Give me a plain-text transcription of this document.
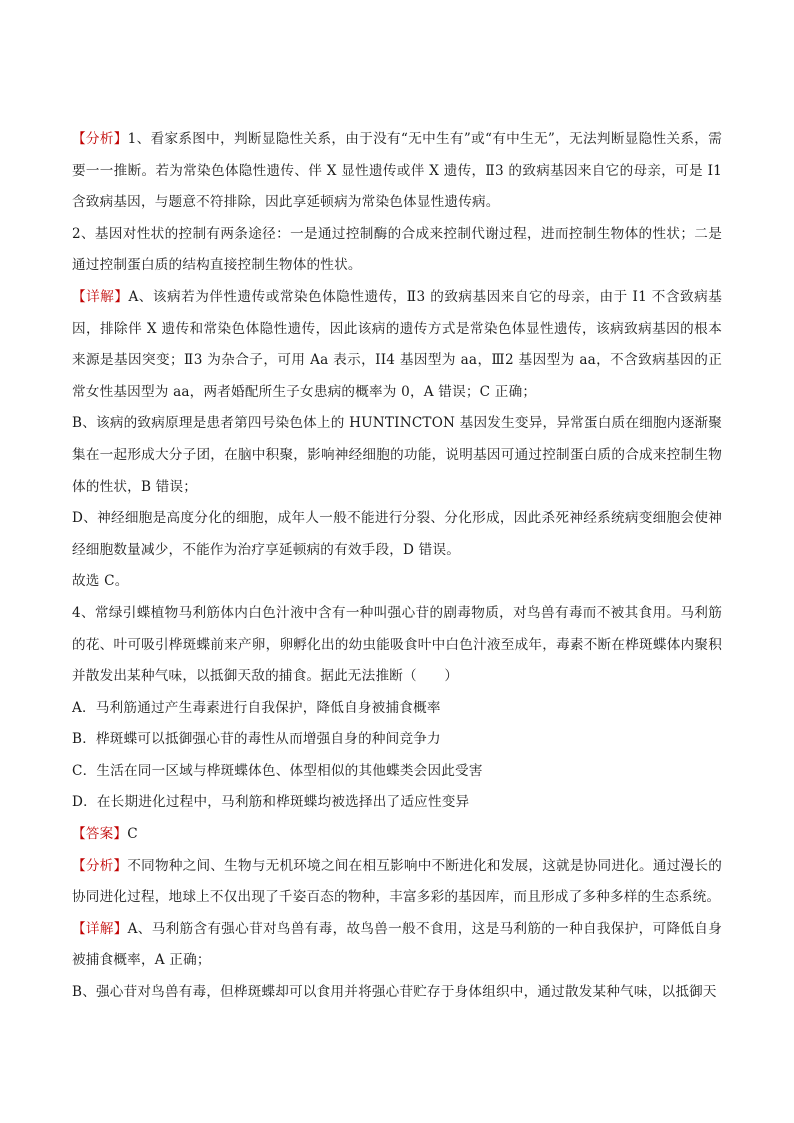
【分析】1、看家系图中，判断显隐性关系，由于没有“无中生有”或“有中生无”，无法判断显隐性关系，需要一一推断。若为常染色体隐性遗传、伴 X 显性遗传或伴 X 遗传，Ⅱ3 的致病基因来自它的母亲，可是 I1 含致病基因，与题意不符排除，因此享延顿病为常染色体显性遗传病。

2、基因对性状的控制有两条途径：一是通过控制酶的合成来控制代谢过程，进而控制生物体的性状；二是通过控制蛋白质的结构直接控制生物体的性状。

【详解】A、该病若为伴性遗传或常染色体隐性遗传，Ⅱ3 的致病基因来自它的母亲，由于 I1 不含致病基因，排除伴 X 遗传和常染色体隐性遗传，因此该病的遗传方式是常染色体显性遗传，该病致病基因的根本来源是基因突变；Ⅱ3 为杂合子，可用 Aa 表示，II4 基因型为 aa，Ⅲ2 基因型为 aa，不含致病基因的正常女性基因型为 aa，两者婚配所生子女患病的概率为 0，A 错误；C 正确；

B、该病的致病原理是患者第四号染色体上的 HUNTINCTON 基因发生变异，异常蛋白质在细胞内逐渐聚集在一起形成大分子团，在脑中积聚，影响神经细胞的功能，说明基因可通过控制蛋白质的合成来控制生物体的性状，B 错误；

D、神经细胞是高度分化的细胞，成年人一般不能进行分裂、分化形成，因此杀死神经系统病变细胞会使神经细胞数量减少，不能作为治疗享延顿病的有效手段，D 错误。

故选 C。

4、常绿引蝶植物马利筋体内白色汁液中含有一种叫强心苷的剧毒物质，对鸟兽有毒而不被其食用。马利筋的花、叶可吸引桦斑蝶前来产卵，卵孵化出的幼虫能吸食叶中白色汁液至成年，毒素不断在桦斑蝶体内聚积并散发出某种气味，以抵御天敌的捕食。据此无法推断（　　）

A．马利筋通过产生毒素进行自我保护，降低自身被捕食概率

B．桦斑蝶可以抵御强心苷的毒性从而增强自身的种间竞争力

C．生活在同一区域与桦斑蝶体色、体型相似的其他蝶类会因此受害

D．在长期进化过程中，马利筋和桦斑蝶均被选择出了适应性变异

【答案】C

【分析】不同物种之间、生物与无机环境之间在相互影响中不断进化和发展，这就是协同进化。通过漫长的协同进化过程，地球上不仅出现了千姿百态的物种，丰富多彩的基因库，而且形成了多种多样的生态系统。

【详解】A、马利筋含有强心苷对鸟兽有毒，故鸟兽一般不食用，这是马利筋的一种自我保护，可降低自身被捕食概率，A 正确；

B、强心苷对鸟兽有毒，但桦斑蝶却可以食用并将强心苷贮存于身体组织中，通过散发某种气味，以抵御天
